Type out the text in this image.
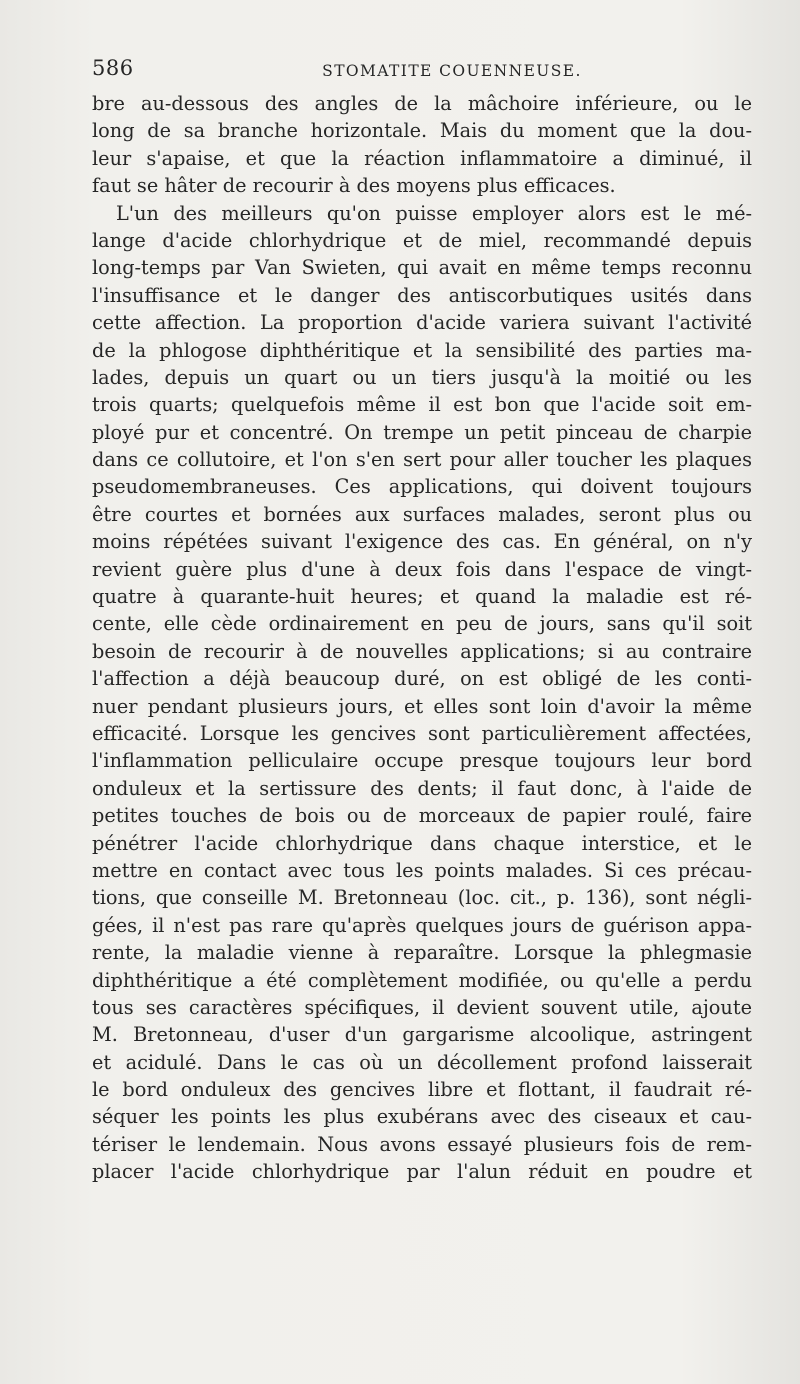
586	STOMATITE COUENNEUSE.
bre au-dessous des angles de la mâchoire inférieure, ou le
long de sa branche horizontale. Mais du moment que la dou-
leur s'apaise, et que la réaction inflammatoire a diminué, il
faut se hâter de recourir à des moyens plus efficaces.
L'un des meilleurs qu'on puisse employer alors est le mé-
lange d'acide chlorhydrique et de miel, recommandé depuis
long-temps par Van Swieten, qui avait en même temps reconnu
l'insuffisance et le danger des antiscorbutiques usités dans
cette affection. La proportion d'acide variera suivant l'activité
de la phlogose diphthéritique et la sensibilité des parties ma-
lades, depuis un quart ou un tiers jusqu'à la moitié ou les
trois quarts; quelquefois même il est bon que l'acide soit em-
ployé pur et concentré. On trempe un petit pinceau de charpie
dans ce collutoire, et l'on s'en sert pour aller toucher les plaques
pseudomembraneuses. Ces applications, qui doivent toujours
être courtes et bornées aux surfaces malades, seront plus ou
moins répétées suivant l'exigence des cas. En général, on n'y
revient guère plus d'une à deux fois dans l'espace de vingt-
quatre à quarante-huit heures; et quand la maladie est ré-
cente, elle cède ordinairement en peu de jours, sans qu'il soit
besoin de recourir à de nouvelles applications; si au contraire
l'affection a déjà beaucoup duré, on est obligé de les conti-
nuer pendant plusieurs jours, et elles sont loin d'avoir la même
efficacité. Lorsque les gencives sont particulièrement affectées,
l'inflammation pelliculaire occupe presque toujours leur bord
onduleux et la sertissure des dents; il faut donc, à l'aide de
petites touches de bois ou de morceaux de papier roulé, faire
pénétrer l'acide chlorhydrique dans chaque interstice, et le
mettre en contact avec tous les points malades. Si ces précau-
tions, que conseille M. Bretonneau (loc. cit., p. 136), sont négli-
gées, il n'est pas rare qu'après quelques jours de guérison appa-
rente, la maladie vienne à reparaître. Lorsque la phlegmasie
diphthéritique a été complètement modifiée, ou qu'elle a perdu
tous ses caractères spécifiques, il devient souvent utile, ajoute
M. Bretonneau, d'user d'un gargarisme alcoolique, astringent
et acidulé. Dans le cas où un décollement profond laisserait
le bord onduleux des gencives libre et flottant, il faudrait ré-
séquer les points les plus exubérans avec des ciseaux et cau-
tériser le lendemain. Nous avons essayé plusieurs fois de rem-
placer l'acide chlorhydrique par l'alun réduit en poudre et
